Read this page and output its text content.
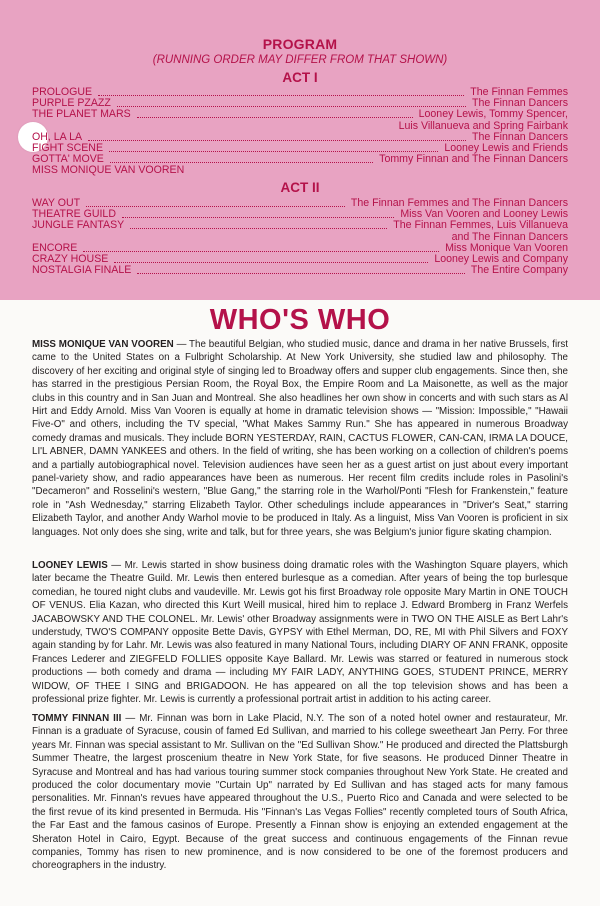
PROGRAM
(RUNNING ORDER MAY DIFFER FROM THAT SHOWN)
ACT I
PROLOGUE	The Finnan Femmes
PURPLE PZAZZ	The Finnan Dancers
THE PLANET MARS	Looney Lewis, Tommy Spencer,
Luis Villanueva and Spring Fairbank
OH, LA LA	The Finnan Dancers
FIGHT SCENE	Looney Lewis and Friends
GOTTA' MOVE	Tommy Finnan and The Finnan Dancers
MISS MONIQUE VAN VOOREN
ACT II
WAY OUT	The Finnan Femmes and The Finnan Dancers
THEATRE GUILD	Miss Van Vooren and Looney Lewis
JUNGLE FANTASY	The Finnan Femmes, Luis Villanueva
and The Finnan Dancers
ENCORE	Miss Monique Van Vooren
CRAZY HOUSE	Looney Lewis and Company
NOSTALGIA FINALE	The Entire Company
WHO'S WHO
MISS MONIQUE VAN VOOREN — The beautiful Belgian, who studied music, dance and drama in her native Brussels, first came to the United States on a Fulbright Scholarship. At New York University, she studied law and philosophy. The discovery of her exciting and original style of singing led to Broadway offers and supper club engagements. Since then, she has starred in the prestigious Persian Room, the Royal Box, the Empire Room and La Maisonette, as well as the major clubs in this country and in San Juan and Montreal. She also headlines her own show in concerts and with such stars as Al Hirt and Eddy Arnold. Miss Van Vooren is equally at home in dramatic television shows — "Mission: Impossible," "Hawaii Five-O" and others, including the TV special, "What Makes Sammy Run." She has appeared in numerous Broadway comedy dramas and musicals. They include BORN YESTERDAY, RAIN, CACTUS FLOWER, CAN-CAN, IRMA LA DOUCE, LI'L ABNER, DAMN YANKEES and others. In the field of writing, she has been working on a collection of children's poems and a partially autobiographical novel. Television audiences have seen her as a guest artist on just about every important panel-variety show, and radio appearances have been as numerous. Her recent film credits include roles in Pasolini's "Decameron" and Rosselini's western, "Blue Gang," the starring role in the Warhol/Ponti "Flesh for Frankenstein," feature role in "Ash Wednesday," starring Elizabeth Taylor. Other schedulings include appearances in "Driver's Seat," starring Elizabeth Taylor, and another Andy Warhol movie to be produced in Italy. As a linguist, Miss Van Vooren is proficient in six languages. Not only does she sing, write and talk, but for three years, she was Belgium's junior figure skating champion.
LOONEY LEWIS — Mr. Lewis started in show business doing dramatic roles with the Washington Square players, which later became the Theatre Guild. Mr. Lewis then entered burlesque as a comedian. After years of being the top burlesque comedian, he toured night clubs and vaudeville. Mr. Lewis got his first Broadway role opposite Mary Martin in ONE TOUCH OF VENUS. Elia Kazan, who directed this Kurt Weill musical, hired him to replace J. Edward Bromberg in Franz Werfels JACABOWSKY AND THE COLONEL. Mr. Lewis' other Broadway assignments were in TWO ON THE AISLE as Bert Lahr's understudy, TWO'S COMPANY opposite Bette Davis, GYPSY with Ethel Merman, DO, RE, MI with Phil Silvers and FOXY again standing by for Lahr. Mr. Lewis was also featured in many National Tours, including DIARY OF ANN FRANK, opposite Frances Lederer and ZIEGFELD FOLLIES opposite Kaye Ballard. Mr. Lewis was starred or featured in numerous stock productions — both comedy and drama — including MY FAIR LADY, ANYTHING GOES, STUDENT PRINCE, MERRY WIDOW, OF THEE I SING and BRIGADOON. He has appeared on all the top television shows and has been a professional prize fighter. Mr. Lewis is currently a professional portrait artist in addition to his acting career.
TOMMY FINNAN III — Mr. Finnan was born in Lake Placid, N.Y. The son of a noted hotel owner and restaurateur, Mr. Finnan is a graduate of Syracuse, cousin of famed Ed Sullivan, and married to his college sweetheart Jan Perry. For three years Mr. Finnan was special assistant to Mr. Sullivan on the "Ed Sullivan Show." He produced and directed the Plattsburgh Summer Theatre, the largest proscenium theatre in New York State, for five seasons. He produced Dinner Theatre in Syracuse and Montreal and has had various touring summer stock companies throughout New York State. He created and produced the color documentary movie "Curtain Up" narrated by Ed Sullivan and has staged acts for many famous personalities. Mr. Finnan's revues have appeared throughout the U.S., Puerto Rico and Canada and were selected to be the first revue of its kind presented in Bermuda. His "Finnan's Las Vegas Follies" recently completed tours of South Africa, the Far East and the famous casinos of Europe. Presently a Finnan show is enjoying an extended engagement at the Sheraton Hotel in Cairo, Egypt. Because of the great success and continuous engagements of the Finnan revue companies, Tommy has risen to new prominence, and is now considered to be one of the foremost producers and choreographers in the industry.
